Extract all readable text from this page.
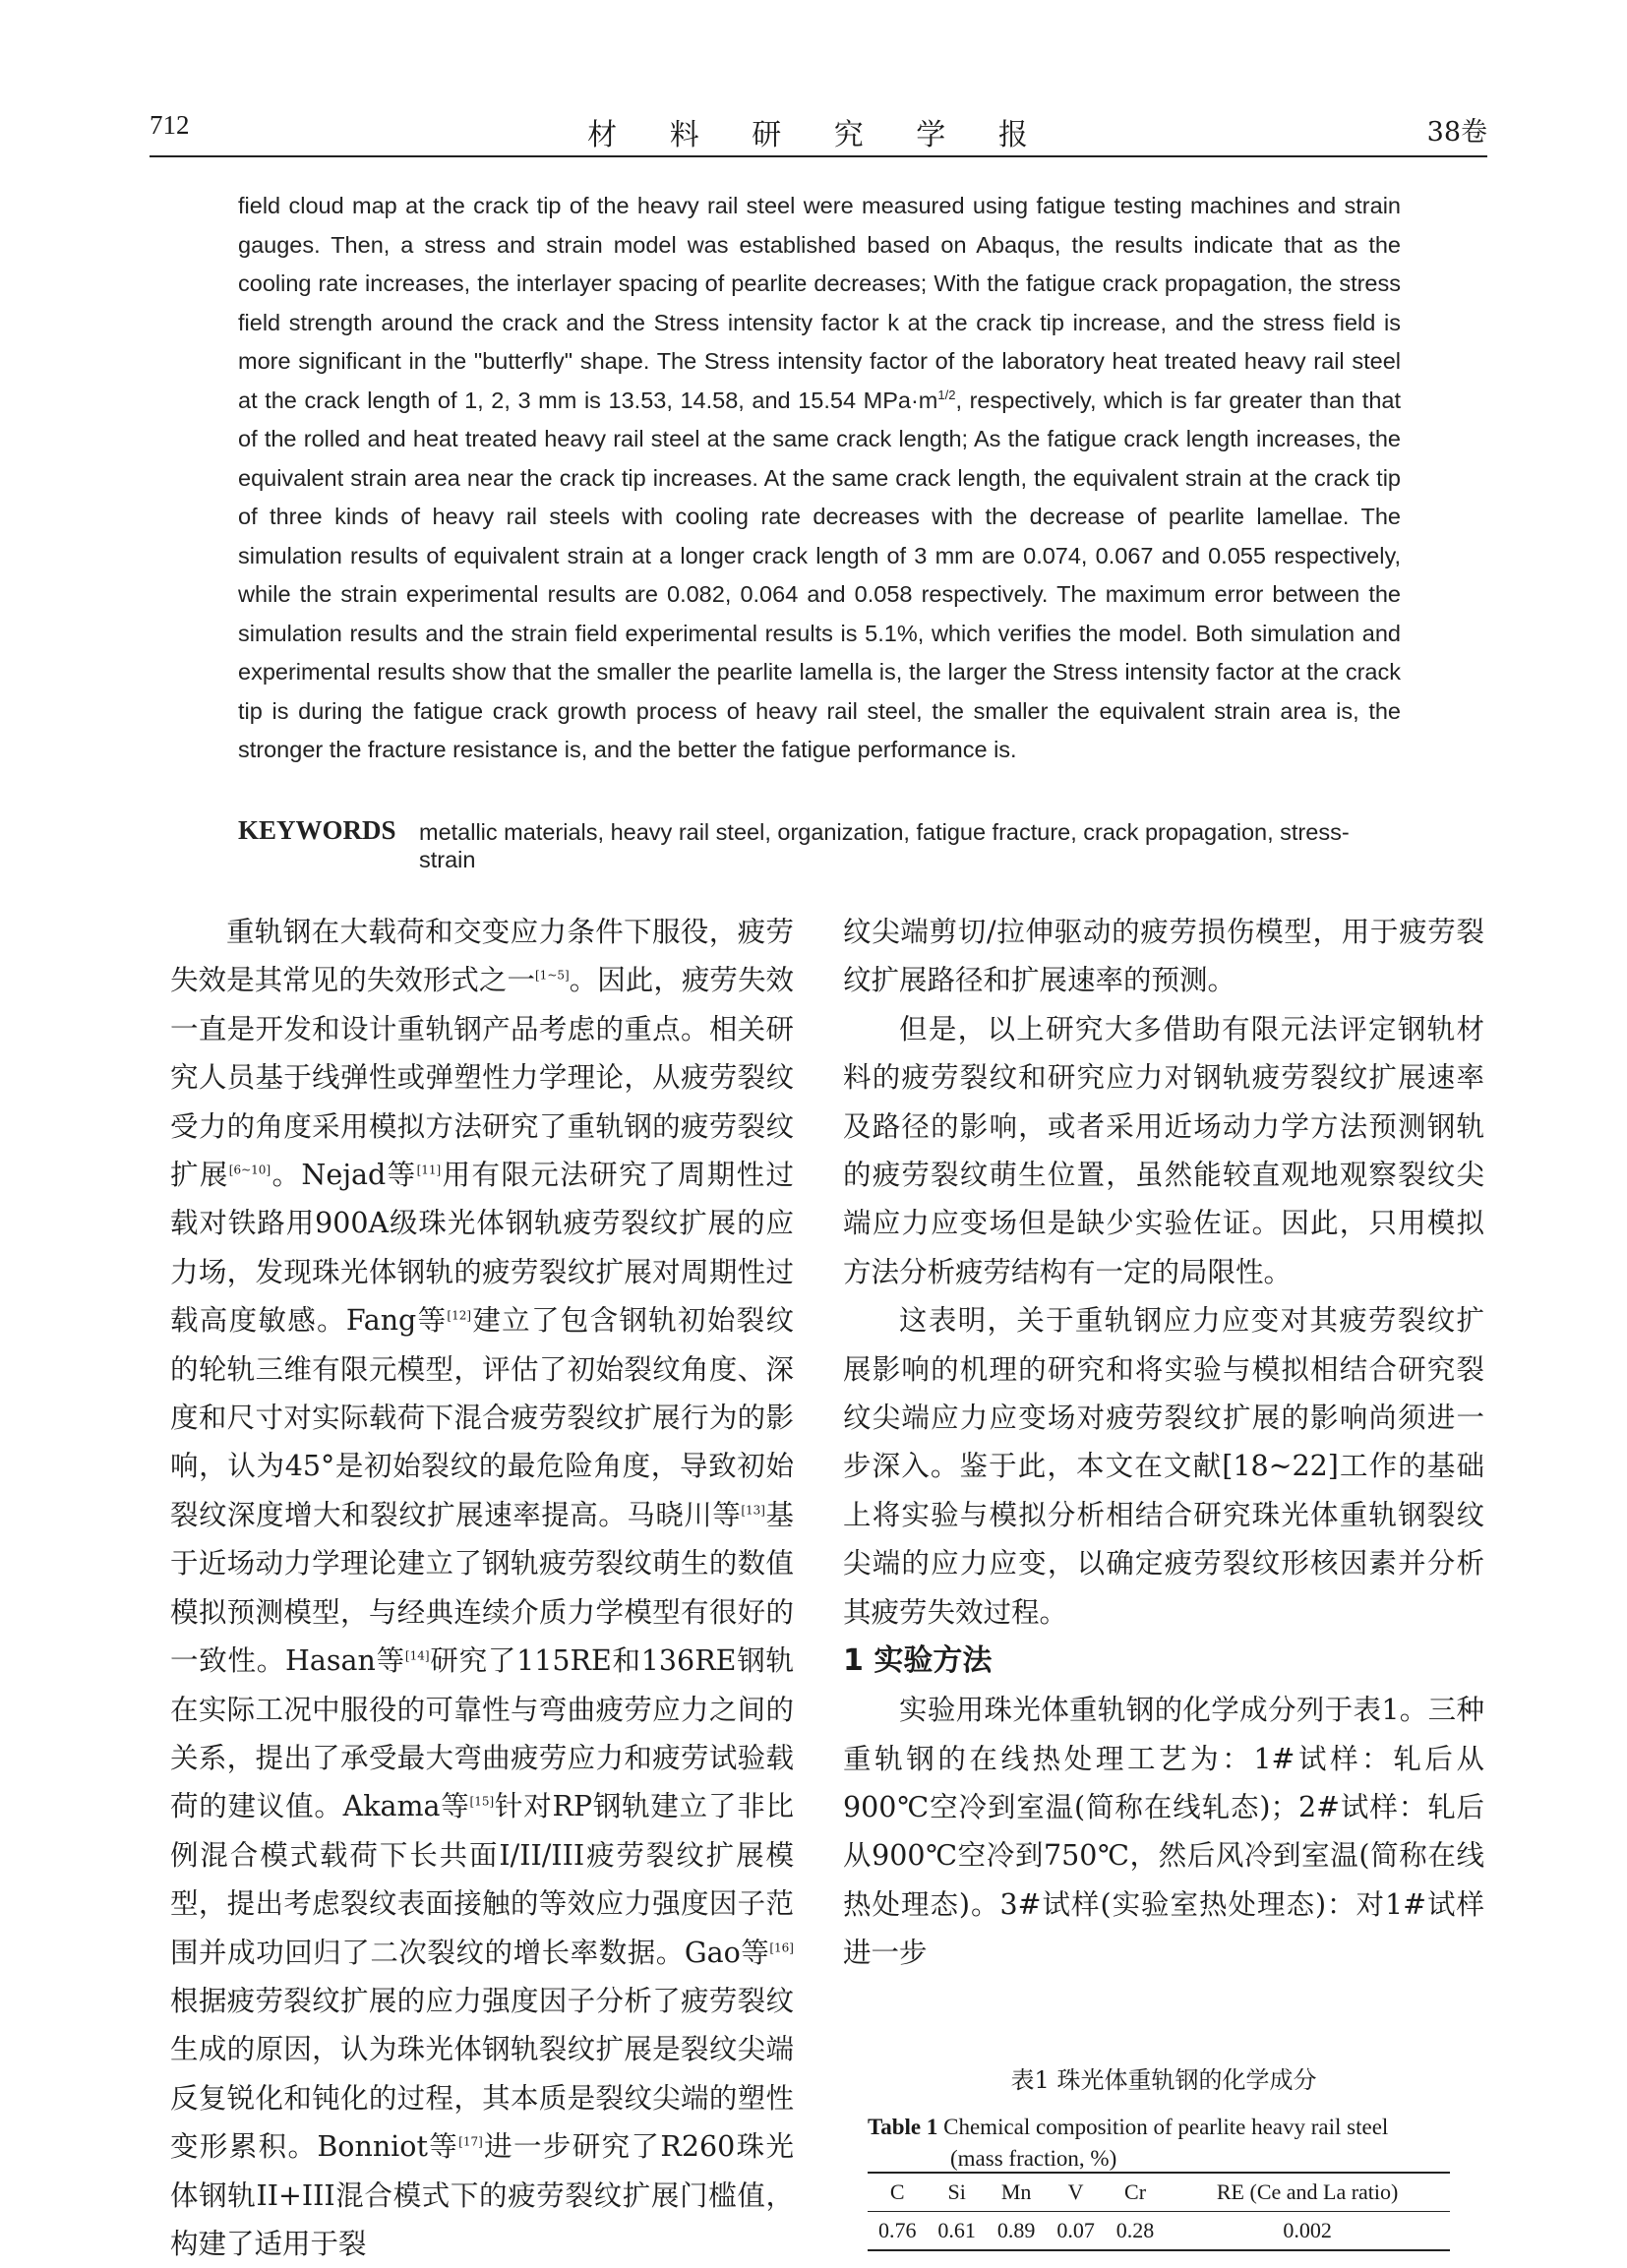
712	材 料 研 究 学 报	38卷

field cloud map at the crack tip of the heavy rail steel were measured using fatigue testing machines and strain gauges. Then, a stress and strain model was established based on Abaqus, the results indicate that as the cooling rate increases, the interlayer spacing of pearlite decreases; With the fatigue crack propagation, the stress field strength around the crack and the Stress intensity factor k at the crack tip increase, and the stress field is more significant in the "butterfly" shape. The Stress intensity factor of the laboratory heat treated heavy rail steel at the crack length of 1, 2, 3 mm is 13.53, 14.58, and 15.54 $MPa\cdot m^{1/2}$, respectively, which is far greater than that of the rolled and heat treated heavy rail steel at the same crack length; As the fatigue crack length increases, the equivalent strain area near the crack tip increases. At the same crack length, the equivalent strain at the crack tip of three kinds of heavy rail steels with cooling rate decreases with the decrease of pearlite lamellae. The simulation results of equivalent strain at a longer crack length of 3 mm are 0.074, 0.067 and 0.055 respectively, while the strain experimental results are 0.082, 0.064 and 0.058 respectively. The maximum error between the simulation results and the strain field experimental results is 5.1%, which verifies the model. Both simulation and experimental results show that the smaller the pearlite lamella is, the larger the Stress intensity factor at the crack tip is during the fatigue crack growth process of heavy rail steel, the smaller the equivalent strain area is, the stronger the fracture resistance is, and the better the fatigue performance is.

KEYWORDS metallic materials, heavy rail steel, organization, fatigue fracture, crack propagation, stress-strain

重轨钢在大载荷和交变应力条件下服役，疲劳失效是其常见的失效形式之一[1~5]。因此，疲劳失效一直是开发和设计重轨钢产品考虑的重点。相关研究人员基于线弹性或弹塑性力学理论，从疲劳裂纹受力的角度采用模拟方法研究了重轨钢的疲劳裂纹扩展[6~10]。Nejad等[11]用有限元法研究了周期性过载对铁路用900A级珠光体钢轨疲劳裂纹扩展的应力场，发现珠光体钢轨的疲劳裂纹扩展对周期性过载高度敏感。Fang等[12]建立了包含钢轨初始裂纹的轮轨三维有限元模型，评估了初始裂纹角度、深度和尺寸对实际载荷下混合疲劳裂纹扩展行为的影响，认为45°是初始裂纹的最危险角度，导致初始裂纹深度增大和裂纹扩展速率提高。马晓川等[13]基于近场动力学理论建立了钢轨疲劳裂纹萌生的数值模拟预测模型，与经典连续介质力学模型有很好的一致性。Hasan等[14]研究了115RE和136RE钢轨在实际工况中服役的可靠性与弯曲疲劳应力之间的关系，提出了承受最大弯曲疲劳应力和疲劳试验载荷的建议值。Akama等[15]针对RP钢轨建立了非比例混合模式载荷下长共面I/II/III疲劳裂纹扩展模型，提出考虑裂纹表面接触的等效应力强度因子范围并成功回归了二次裂纹的增长率数据。Gao等[16]根据疲劳裂纹扩展的应力强度因子分析了疲劳裂纹生成的原因，认为珠光体钢轨裂纹扩展是裂纹尖端反复锐化和钝化的过程，其本质是裂纹尖端的塑性变形累积。Bonniot等[17]进一步研究了R260珠光体钢轨II+III混合模式下的疲劳裂纹扩展门槛值，构建了适用于裂

纹尖端剪切/拉伸驱动的疲劳损伤模型，用于疲劳裂纹扩展路径和扩展速率的预测。

但是，以上研究大多借助有限元法评定钢轨材料的疲劳裂纹和研究应力对钢轨疲劳裂纹扩展速率及路径的影响，或者采用近场动力学方法预测钢轨的疲劳裂纹萌生位置，虽然能较直观地观察裂纹尖端应力应变场但是缺少实验佐证。因此，只用模拟方法分析疲劳结构有一定的局限性。

这表明，关于重轨钢应力应变对其疲劳裂纹扩展影响的机理的研究和将实验与模拟相结合研究裂纹尖端应力应变场对疲劳裂纹扩展的影响尚须进一步深入。鉴于此，本文在文献[18~22]工作的基础上将实验与模拟分析相结合研究珠光体重轨钢裂纹尖端的应力应变，以确定疲劳裂纹形核因素并分析其疲劳失效过程。

1 实验方法

实验用珠光体重轨钢的化学成分列于表1。三种重轨钢的在线热处理工艺为：1#试样：轧后从900℃空冷到室温(简称在线轧态)；2#试样：轧后从900℃空冷到750℃，然后风冷到室温(简称在线热处理态)。3#试样(实验室热处理态)：对1#试样进一步

表1 珠光体重轨钢的化学成分
Table 1 Chemical composition of pearlite heavy rail steel
(mass fraction, %)
C	Si	Mn	V	Cr	RE (Ce and La ratio)
0.76	0.61	0.89	0.07	0.28	0.002
